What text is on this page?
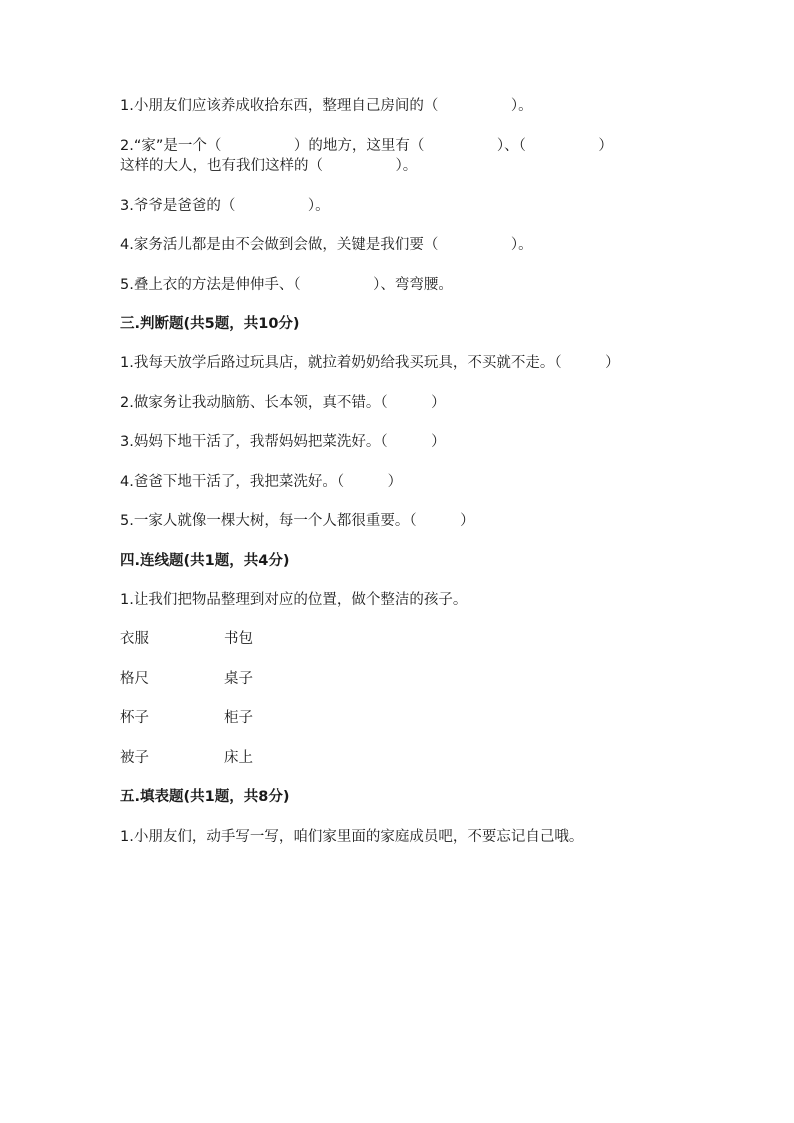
1.小朋友们应该养成收拾东西，整理自己房间的（　　　　　）。
2.“家”是一个（　　　　　）的地方，这里有（　　　　　）、（　　　　　）
这样的大人，也有我们这样的（　　　　　）。
3.爷爷是爸爸的（　　　　　）。
4.家务活儿都是由不会做到会做，关键是我们要（　　　　　）。
5.叠上衣的方法是伸伸手、（　　　　　）、弯弯腰。
三.判断题(共5题，共10分)
1.我每天放学后路过玩具店，就拉着奶奶给我买玩具，不买就不走。（　　　）
2.做家务让我动脑筋、长本领，真不错。（　　　）
3.妈妈下地干活了，我帮妈妈把菜洗好。（　　　）
4.爸爸下地干活了，我把菜洗好。（　　　）
5.一家人就像一棵大树，每一个人都很重要。（　　　）
四.连线题(共1题，共4分)
1.让我们把物品整理到对应的位置，做个整洁的孩子。
衣服	书包
格尺	桌子
杯子	柜子
被子	床上
五.填表题(共1题，共8分)
1.小朋友们，动手写一写，咱们家里面的家庭成员吧，不要忘记自己哦。
